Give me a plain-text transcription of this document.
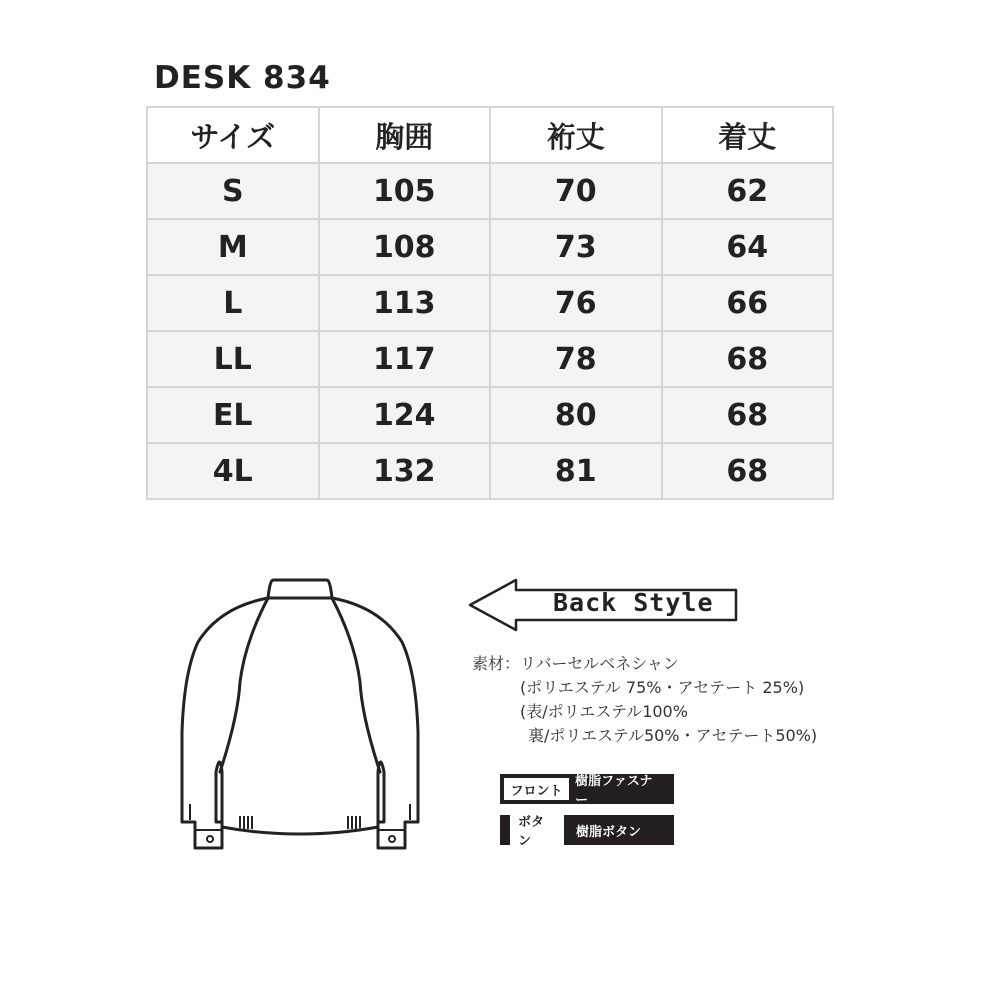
DESK 834
サイズ	胸囲	裄丈	着丈
S	105	70	62
M	108	73	64
L	113	76	66
LL	117	78	68
EL	124	80	68
4L	132	81	68
Back Style
素材：リバーセルベネシャン
(ポリエステル 75%・アセテート 25%)
(表/ポリエステル100%
裏/ポリエステル50%・アセテート50%)
フロント
樹脂ファスナー
ボタン
樹脂ボタン
